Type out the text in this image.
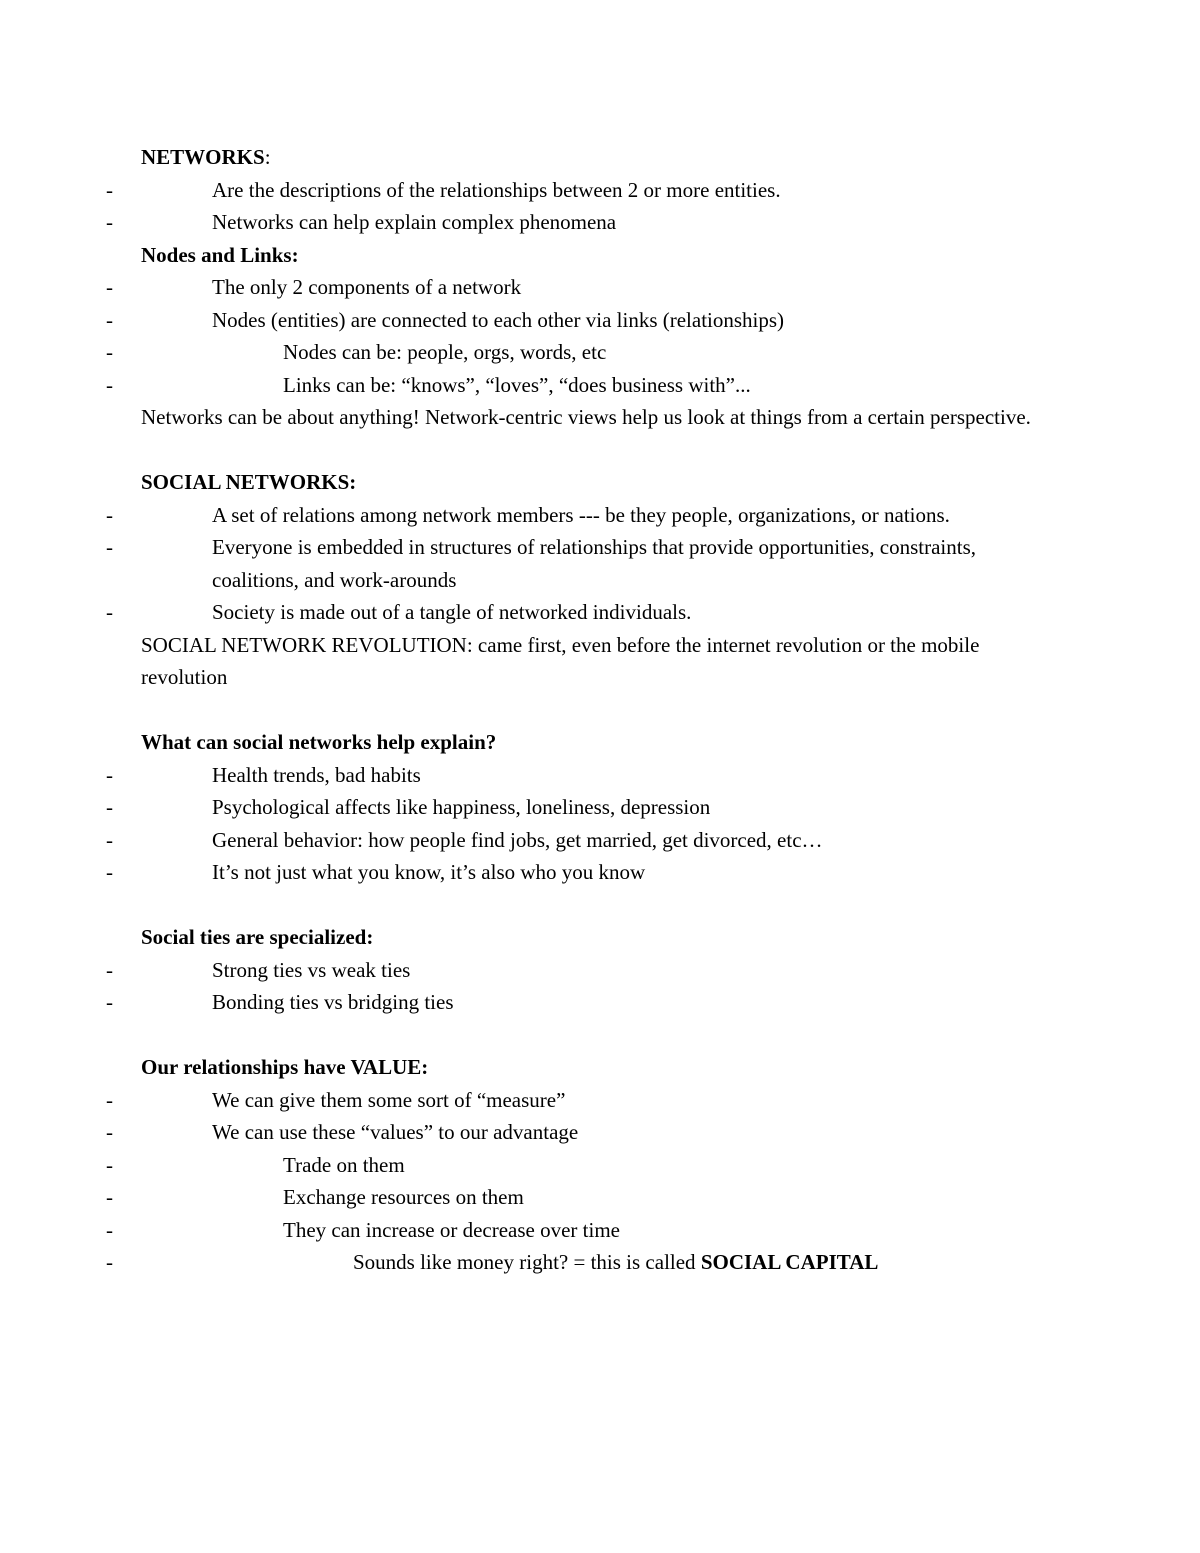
NETWORKS:

-	Are the descriptions of the relationships between 2 or more entities.
-	Networks can help explain complex phenomena

Nodes and Links:

-	The only 2 components of a network
-	Nodes (entities) are connected to each other via links (relationships)
-	Nodes can be: people, orgs, words, etc
-	Links can be: “knows”, “loves”, “does business with”...

Networks can be about anything! Network-centric views help us look at things from a certain perspective.

SOCIAL NETWORKS:

-	A set of relations among network members --- be they people, organizations, or nations.
-	Everyone is embedded in structures of relationships that provide opportunities, constraints, coalitions, and work-arounds
-	Society is made out of a tangle of networked individuals.

SOCIAL NETWORK REVOLUTION: came first, even before the internet revolution or the mobile revolution

What can social networks help explain?

-	Health trends, bad habits
-	Psychological affects like happiness, loneliness, depression
-	General behavior: how people find jobs, get married, get divorced, etc…
-	It’s not just what you know, it’s also who you know

Social ties are specialized:

-	Strong ties vs weak ties
-	Bonding ties vs bridging ties

Our relationships have VALUE:

-	We can give them some sort of “measure”
-	We can use these “values” to our advantage
-	Trade on them
-	Exchange resources on them
-	They can increase or decrease over time
-	Sounds like money right? = this is called SOCIAL CAPITAL
